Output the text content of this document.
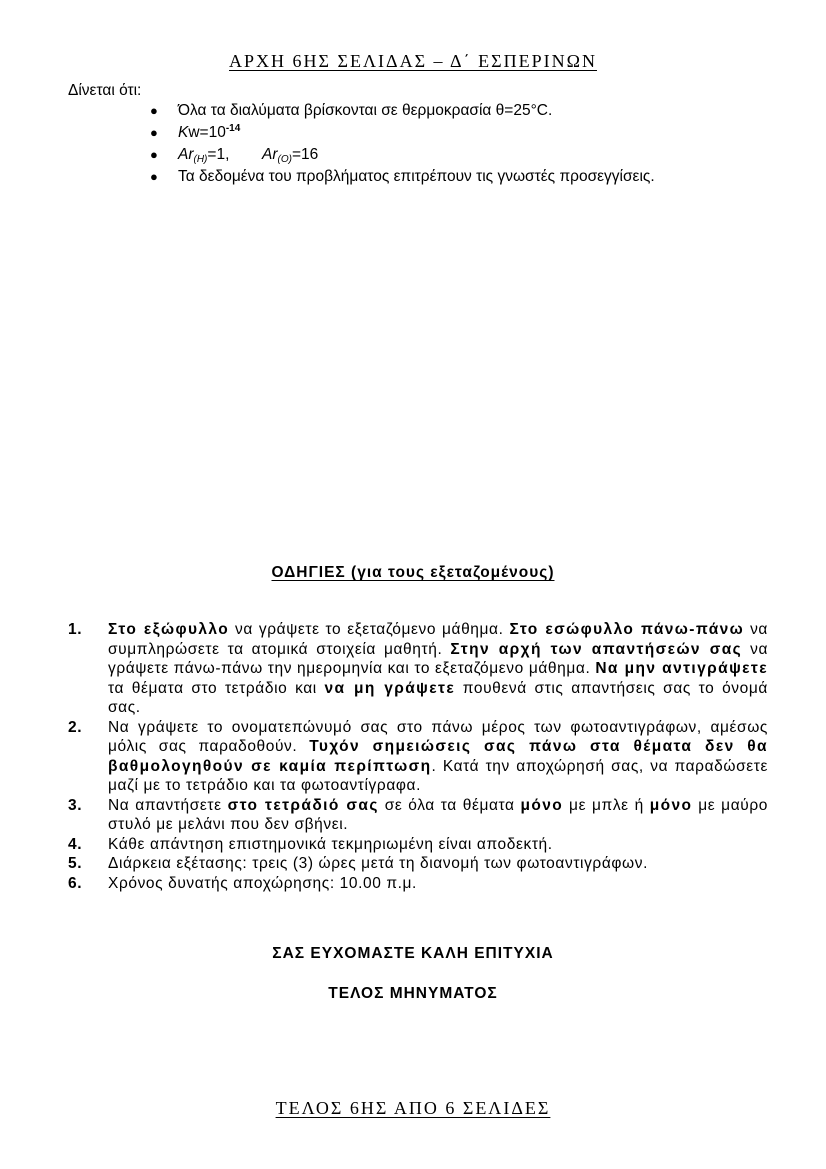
ΑΡΧΗ 6ΗΣ ΣΕΛΙΔΑΣ – Δ΄ ΕΣΠΕΡΙΝΩΝ
Δίνεται ότι:
● Όλα τα διαλύματα βρίσκονται σε θερμοκρασία θ=25°C.
● $Kw=10^{-14}$
● $Ar_{(H)}=1$, $Ar_{(O)}=16$
● Τα δεδομένα του προβλήματος επιτρέπουν τις γνωστές προσεγγίσεις.
ΟΔΗΓΙΕΣ (για τους εξεταζομένους)
1. Στο εξώφυλλο να γράψετε το εξεταζόμενο μάθημα. Στο εσώφυλλο πάνω-πάνω να συμπληρώσετε τα ατομικά στοιχεία μαθητή. Στην αρχή των απαντήσεών σας να γράψετε πάνω-πάνω την ημερομηνία και το εξεταζόμενο μάθημα. Να μην αντιγράψετε τα θέματα στο τετράδιο και να μη γράψετε πουθενά στις απαντήσεις σας το όνομά σας.
2. Να γράψετε το ονοματεπώνυμό σας στο πάνω μέρος των φωτοαντιγράφων, αμέσως μόλις σας παραδοθούν. Τυχόν σημειώσεις σας πάνω στα θέματα δεν θα βαθμολογηθούν σε καμία περίπτωση. Κατά την αποχώρησή σας, να παραδώσετε μαζί με το τετράδιο και τα φωτοαντίγραφα.
3. Να απαντήσετε στο τετράδιό σας σε όλα τα θέματα μόνο με μπλε ή μόνο με μαύρο στυλό με μελάνι που δεν σβήνει.
4. Κάθε απάντηση επιστημονικά τεκμηριωμένη είναι αποδεκτή.
5. Διάρκεια εξέτασης: τρεις (3) ώρες μετά τη διανομή των φωτοαντιγράφων.
6. Χρόνος δυνατής αποχώρησης: 10.00 π.μ.
ΣΑΣ ΕΥΧΟΜΑΣΤΕ ΚΑΛΗ ΕΠΙΤΥΧΙΑ
ΤΕΛΟΣ ΜΗΝΥΜΑΤΟΣ
ΤΕΛΟΣ 6ΗΣ ΑΠΟ 6 ΣΕΛΙΔΕΣ
